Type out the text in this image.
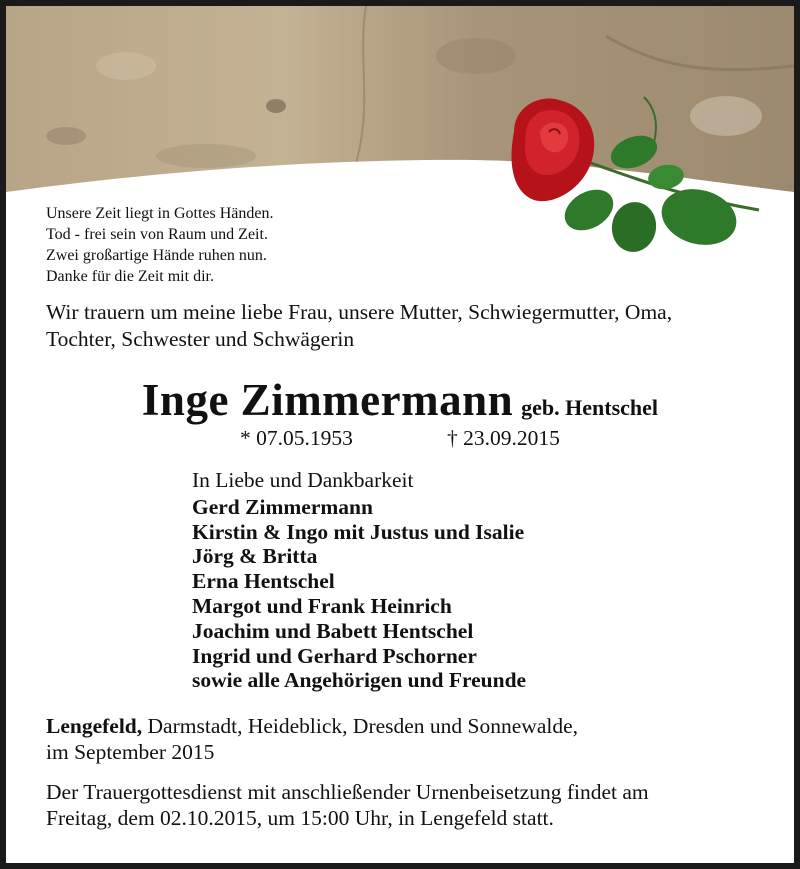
Unsere Zeit liegt in Gottes Händen.
Tod - frei sein von Raum und Zeit.
Zwei großartige Hände ruhen nun.
Danke für die Zeit mit dir.
Wir trauern um meine liebe Frau, unsere Mutter, Schwiegermutter, Oma,
Tochter, Schwester und Schwägerin
Inge Zimmermann geb. Hentschel
* 07.05.1953	† 23.09.2015
In Liebe und Dankbarkeit
Gerd Zimmermann
Kirstin & Ingo mit Justus und Isalie
Jörg & Britta
Erna Hentschel
Margot und Frank Heinrich
Joachim und Babett Hentschel
Ingrid und Gerhard Pschorner
sowie alle Angehörigen und Freunde
Lengefeld, Darmstadt, Heideblick, Dresden und Sonnewalde,
im September 2015
Der Trauergottesdienst mit anschließender Urnenbeisetzung findet am
Freitag, dem 02.10.2015, um 15:00 Uhr, in Lengefeld statt.
